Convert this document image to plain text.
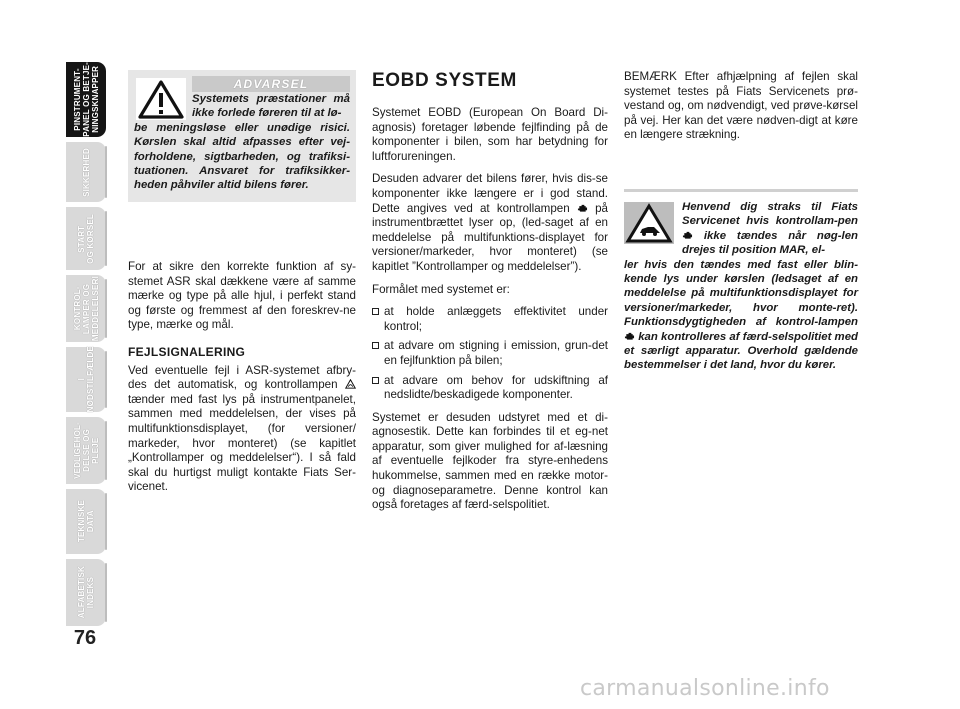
PINSTRUMENT-
PANEL OG BETJE-
NINGSKNAPPER
SIKKERHED
START
OG KØRSEL
KONTROL-
LAMPER OG
MEDDELELSERI
I
NØDSTILFÆLDE
VEDLIGEHOL-
DELSE OG
PLEJE
TEKNISKE
DATA
ALFABETISK
INDEKS
76
ADVARSEL
Systemets præstationer må ikke forlede føreren til at lø-
be meningsløse eller unødige risici. Kørslen skal altid afpasses efter vej-forholdene, sigtbarheden, og trafiksi-tuationen. Ansvaret for trafiksikker-heden påhviler altid bilens fører.

For at sikre den korrekte funktion af sy-stemet ASR skal dækkene være af samme mærke og type på alle hjul, i perfekt stand og første og fremmest af den foreskrev-ne type, mærke og mål.

FEJLSIGNALERING

Ved eventuelle fejl i ASR-systemet afbry-des det automatisk, og kontrollampen  tænder med fast lys på instrumentpanelet, sammen med meddelelsen, der vises på multifunktionsdisplayet, (for versioner/ markeder, hvor monteret) (se kapitlet „Kontrollamper og meddelelser“). I så fald skal du hurtigst muligt kontakte Fiats Ser-vicenet.

EOBD SYSTEM

Systemet EOBD (European On Board Di-agnosis) foretager løbende fejlfinding på de komponenter i bilen, som har betydning for luftforureningen.

Desuden advarer det bilens fører, hvis dis-se komponenter ikke længere er i god stand. Dette angives ved at kontrollampen på instrumentbrættet lyser op, (led-saget af en meddelelse på multifunktions-displayet for versioner/markeder, hvor monteret) (se kapitlet ”Kontrollamper og meddelelser”).

Formålet med systemet er:

at holde anlæggets effektivitet under kontrol;
at advare om stigning i emission, grun-det en fejlfunktion på bilen;
at advare om behov for udskiftning af nedslidte/beskadigede komponenter.

Systemet er desuden udstyret med et di-agnosestik. Dette kan forbindes til et eg-net apparatur, som giver mulighed for af-læsning af eventuelle fejlkoder fra styre-enhedens hukommelse, sammen med en række motor- og diagnoseparametre. Denne kontrol kan også foretages af færd-selspolitiet.

BEMÆRK Efter afhjælpning af fejlen skal systemet testes på Fiats Servicenets prø-vestand og, om nødvendigt, ved prøve-kørsel på vej. Her kan det være nødven-digt at køre en længere strækning.

Henvend dig straks til Fiats Servicenet hvis kontrollam-pen  ikke tændes når nøg-len drejes til position MAR, el-
ler hvis den tændes med fast eller blin-kende lys under kørslen (ledsaget af en meddelelse på multifunktionsdisplayet for versioner/markeder, hvor monte-ret). Funktionsdygtigheden af kontrol-lampen  kan kontrolleres af færd-selspolitiet med et særligt apparatur. Overhold gældende bestemmelser i det land, hvor du kører.
carmanualsonline.info
